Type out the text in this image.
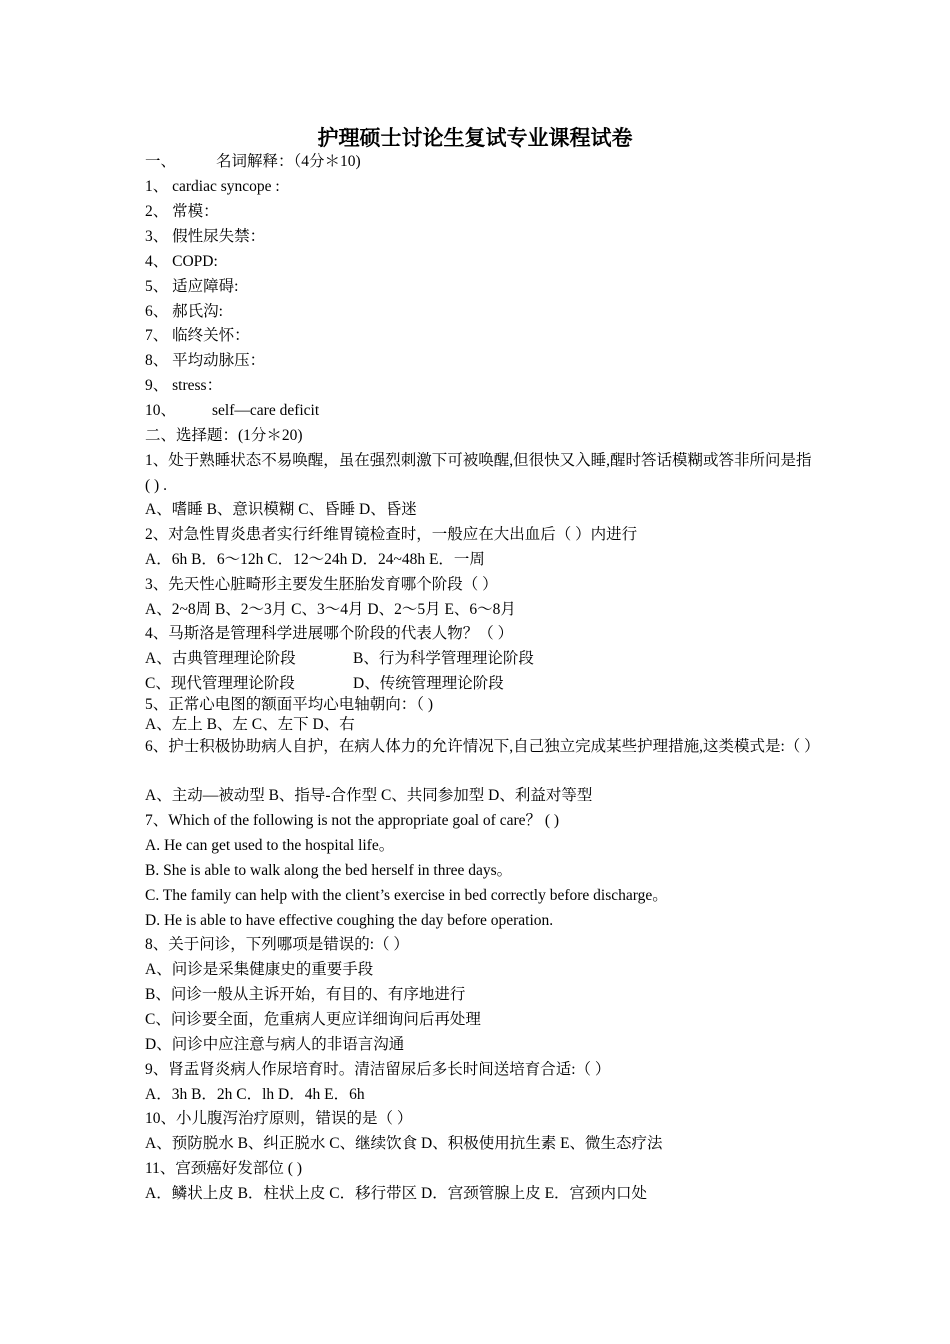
护理硕士讨论生复试专业课程试卷
一、	名词解释：（4分＊10)
1、 cardiac syncope :
2、 常模：
3、 假性尿失禁：
4、 COPD:
5、 适应障碍:
6、 郝氏沟:
7、 临终关怀：
8、 平均动脉压：
9、 stress：
10、 self—care deficit
二、选择题：(1分＊20)
1、处于熟睡状态不易唤醒，虽在强烈刺激下可被唤醒,但很快又入睡,醒时答话模糊或答非所问是指( ) .
A、嗜睡 B、意识模糊 C、昏睡 D、昏迷
2、对急性胃炎患者实行纤维胃镜检查时，一般应在大出血后（ ）内进行
A．6h B．6～12h C．12～24h D．24~48h E．一周
3、先天性心脏畸形主要发生胚胎发育哪个阶段（ ）
A、2~8周 B、2～3月 C、3～4月 D、2～5月 E、6～8月
4、马斯洛是管理科学进展哪个阶段的代表人物？（ ）
A、古典管理理论阶段	B、行为科学管理理论阶段
C、现代管理理论阶段	D、传统管理理论阶段
5、正常心电图的额面平均心电轴朝向：（ )
A、左上 B、左 C、左下 D、右
6、护士积极协助病人自护，在病人体力的允许情况下,自己独立完成某些护理措施,这类模式是:（ ）
A、主动—被动型 B、指导-合作型 C、共同参加型 D、利益对等型
7、Which of the following is not the appropriate goal of care？ ( )
A. He can get used to the hospital life。
B. She is able to walk along the bed herself in three days。
C. The family can help with the client’s exercise in bed correctly before discharge。
D. He is able to have effective coughing the day before operation.
8、关于问诊，下列哪项是错误的:（ ）
A、问诊是采集健康史的重要手段
B、问诊一般从主诉开始，有目的、有序地进行
C、问诊要全面，危重病人更应详细询问后再处理
D、问诊中应注意与病人的非语言沟通
9、肾盂肾炎病人作尿培育时。清洁留尿后多长时间送培育合适:（ ）
A．3h B．2h C．lh D．4h E．6h
10、小儿腹泻治疗原则，错误的是（ ）
A、预防脱水 B、纠正脱水 C、继续饮食 D、积极使用抗生素 E、微生态疗法
11、宫颈癌好发部位 ( )
A．鳞状上皮 B．柱状上皮 C．移行带区 D．宫颈管腺上皮 E．宫颈内口处
